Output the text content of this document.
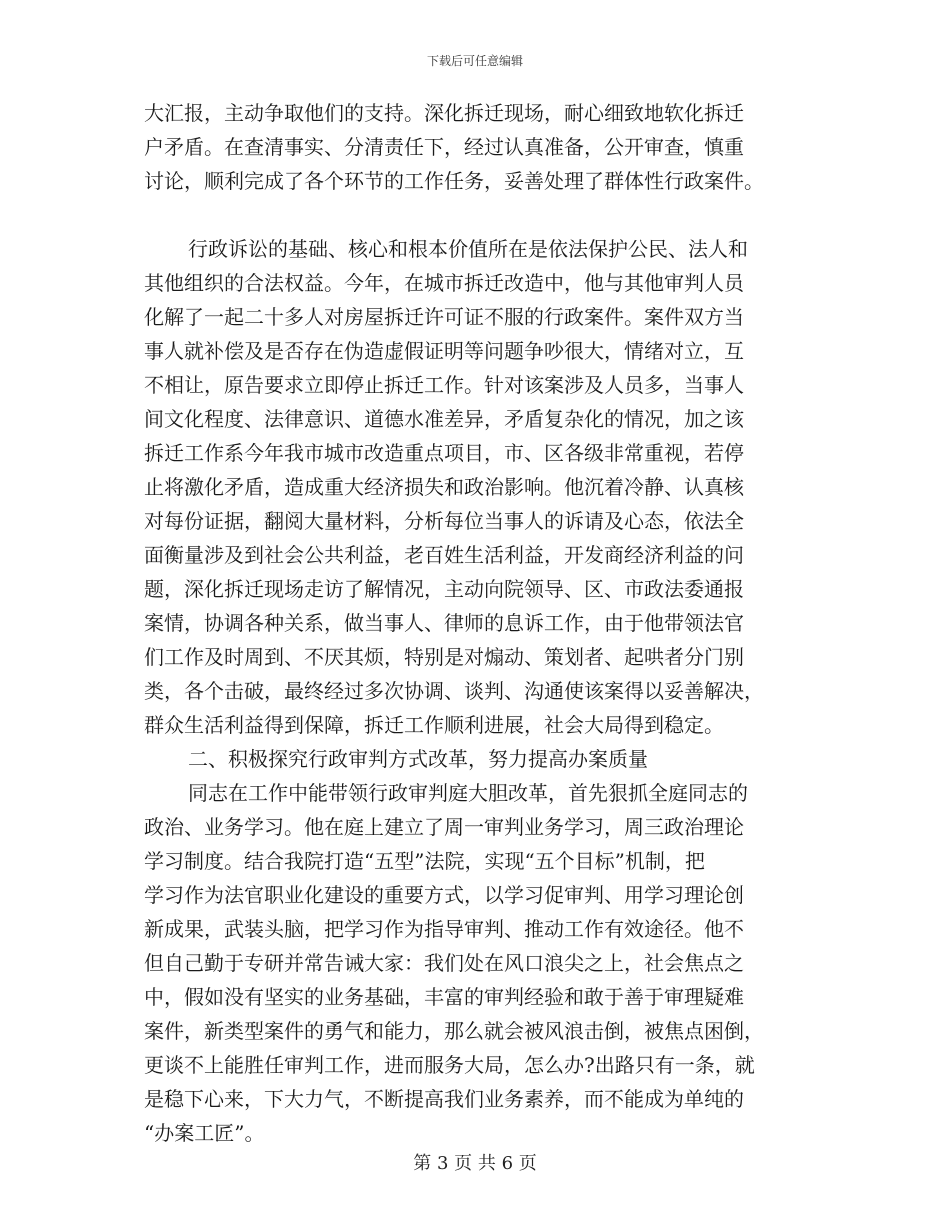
下载后可任意编辑

大汇报，主动争取他们的支持。深化拆迁现场，耐心细致地软化拆迁
户矛盾。在查清事实、分清责任下，经过认真准备，公开审查，慎重
讨论，顺利完成了各个环节的工作任务，妥善处理了群体性行政案件。

行政诉讼的基础、核心和根本价值所在是依法保护公民、法人和
其他组织的合法权益。今年，在城市拆迁改造中，他与其他审判人员
化解了一起二十多人对房屋拆迁许可证不服的行政案件。案件双方当
事人就补偿及是否存在伪造虚假证明等问题争吵很大，情绪对立，互
不相让，原告要求立即停止拆迁工作。针对该案涉及人员多，当事人
间文化程度、法律意识、道德水准差异，矛盾复杂化的情况，加之该
拆迁工作系今年我市城市改造重点项目，市、区各级非常重视，若停
止将激化矛盾，造成重大经济损失和政治影响。他沉着冷静、认真核
对每份证据，翻阅大量材料，分析每位当事人的诉请及心态，依法全
面衡量涉及到社会公共利益，老百姓生活利益，开发商经济利益的问
题，深化拆迁现场走访了解情况，主动向院领导、区、市政法委通报
案情，协调各种关系，做当事人、律师的息诉工作，由于他带领法官
们工作及时周到、不厌其烦，特别是对煽动、策划者、起哄者分门别
类，各个击破，最终经过多次协调、谈判、沟通使该案得以妥善解决，
群众生活利益得到保障，拆迁工作顺利进展，社会大局得到稳定。

二、积极探究行政审判方式改革，努力提高办案质量

同志在工作中能带领行政审判庭大胆改革，首先狠抓全庭同志的
政治、业务学习。他在庭上建立了周一审判业务学习，周三政治理论
学习制度。结合我院打造“五型”法院，实现“五个目标”机制，把
学习作为法官职业化建设的重要方式，以学习促审判、用学习理论创
新成果，武装头脑，把学习作为指导审判、推动工作有效途径。他不
但自己勤于专研并常告诫大家：我们处在风口浪尖之上，社会焦点之
中，假如没有坚实的业务基础，丰富的审判经验和敢于善于审理疑难
案件，新类型案件的勇气和能力，那么就会被风浪击倒，被焦点困倒，
更谈不上能胜任审判工作，进而服务大局，怎么办?出路只有一条，就
是稳下心来，下大力气，不断提高我们业务素养，而不能成为单纯的
“办案工匠”。

第 3 页 共 6 页
